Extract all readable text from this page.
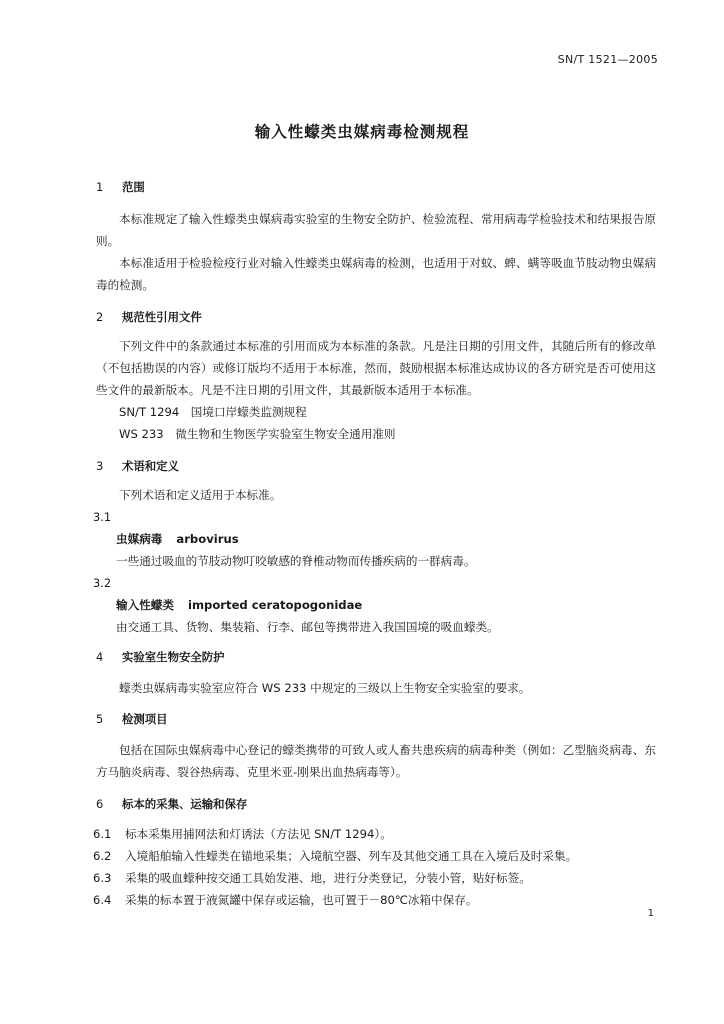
SN/T 1521—2005
输入性蠓类虫媒病毒检测规程
1 范围

本标准规定了输入性蠓类虫媒病毒实验室的生物安全防护、检验流程、常用病毒学检验技术和结果报告原则。

本标准适用于检验检疫行业对输入性蠓类虫媒病毒的检测，也适用于对蚊、蜱、螨等吸血节肢动物虫媒病毒的检测。

2 规范性引用文件

下列文件中的条款通过本标准的引用而成为本标准的条款。凡是注日期的引用文件，其随后所有的修改单（不包括勘误的内容）或修订版均不适用于本标准，然而，鼓励根据本标准达成协议的各方研究是否可使用这些文件的最新版本。凡是不注日期的引用文件，其最新版本适用于本标准。

SN/T 1294　国境口岸蠓类监测规程

WS 233　微生物和生物医学实验室生物安全通用准则

3 术语和定义

下列术语和定义适用于本标准。

3.1
虫媒病毒 arbovirus

一些通过吸血的节肢动物叮咬敏感的脊椎动物而传播疾病的一群病毒。

3.2
输入性蠓类 imported ceratopogonidae

由交通工具、货物、集装箱、行李、邮包等携带进入我国国境的吸血蠓类。

4 实验室生物安全防护

蠓类虫媒病毒实验室应符合 WS 233 中规定的三级以上生物安全实验室的要求。

5 检测项目

包括在国际虫媒病毒中心登记的蠓类携带的可致人或人畜共患疾病的病毒种类（例如：乙型脑炎病毒、东方马脑炎病毒、裂谷热病毒、克里米亚-刚果出血热病毒等）。

6 标本的采集、运输和保存

6.1 标本采集用捕网法和灯诱法（方法见 SN/T 1294）。

6.2 入境船舶输入性蠓类在锚地采集；入境航空器、列车及其他交通工具在入境后及时采集。

6.3 采集的吸血蠓种按交通工具始发港、地，进行分类登记，分装小管，贴好标签。

6.4 采集的标本置于液氮罐中保存或运输，也可置于－80℃冰箱中保存。

1
